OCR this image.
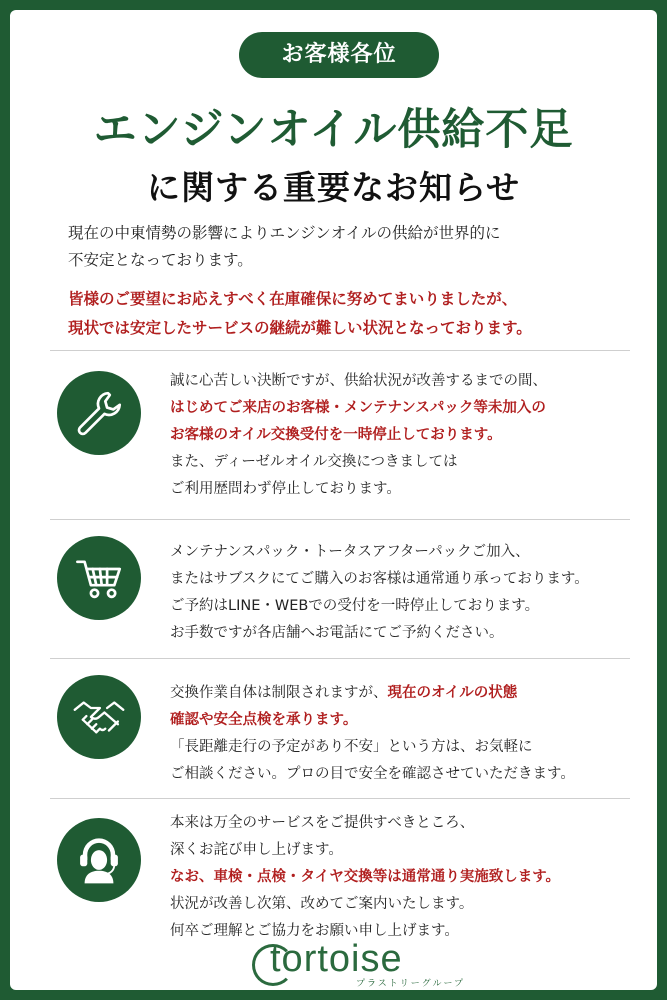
お客様各位
エンジンオイル供給不足
に関する重要なお知らせ
現在の中東情勢の影響によりエンジンオイルの供給が世界的に
不安定となっております。
皆様のご要望にお応えすべく在庫確保に努めてまいりましたが、
現状では安定したサービスの継続が難しい状況となっております。

誠に心苦しい決断ですが、供給状況が改善するまでの間、

はじめてご来店のお客様・メンテナンスパック等未加入の

お客様のオイル交換受付を一時停止しております。

また、ディーゼルオイル交換につきましては

ご利用歴問わず停止しております。

メンテナンスパック・トータスアフターパックご加入、

またはサブスクにてご購入のお客様は通常通り承っております。

ご予約はLINE・WEBでの受付を一時停止しております。

お手数ですが各店舗へお電話にてご予約ください。

交換作業自体は制限されますが、現在のオイルの状態

確認や安全点検を承ります。

「長距離走行の予定があり不安」という方は、お気軽に

ご相談ください。プロの目で安全を確認させていただきます。

本来は万全のサービスをご提供すべきところ、

深くお詫び申し上げます。

なお、車検・点検・タイヤ交換等は通常通り実施致します。

状況が改善し次第、改めてご案内いたします。

何卒ご理解とご協力をお願い申し上げます。

tortoise
プラストリーグループ
